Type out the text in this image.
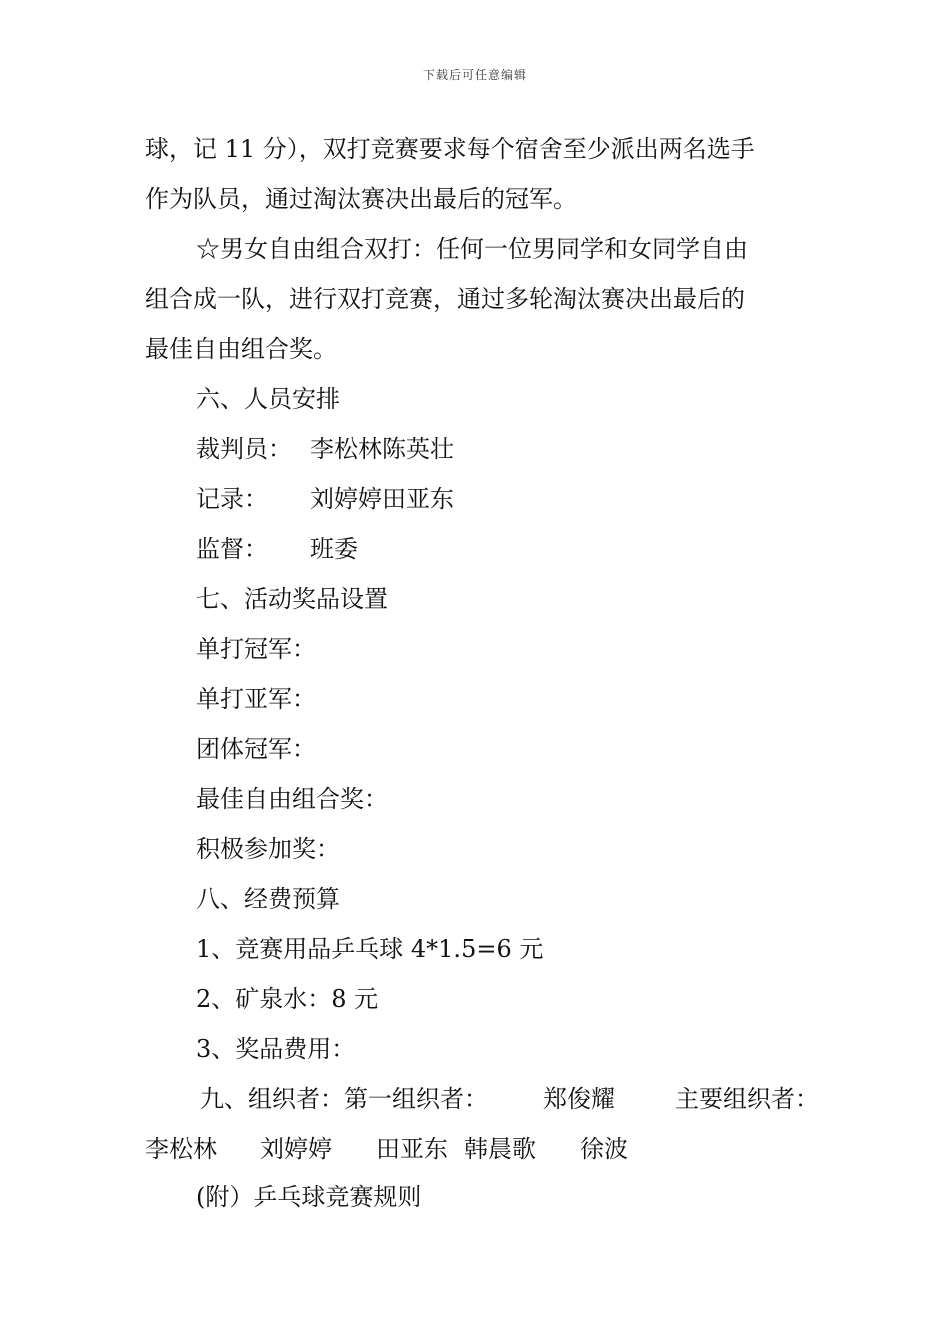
下载后可任意编辑
球，记 11 分），双打竞赛要求每个宿舍至少派出两名选手
作为队员，通过淘汰赛决出最后的冠军。
☆男女自由组合双打：任何一位男同学和女同学自由
组合成一队，进行双打竞赛，通过多轮淘汰赛决出最后的
最佳自由组合奖。
六、人员安排
裁判员： 李松林陈英壮
记录： 刘婷婷田亚东
监督： 班委
七、活动奖品设置
单打冠军：
单打亚军：
团体冠军：
最佳自由组合奖：
积极参加奖：
八、经费预算
1、竞赛用品乒乓球 4*1.5=6 元
2、矿泉水：8 元
3、奖品费用：
九、组织者：第一组织者： 郑俊耀	主要组织者：
李松林 刘婷婷 田亚东 韩晨歌 徐波
(附）乒乓球竞赛规则
